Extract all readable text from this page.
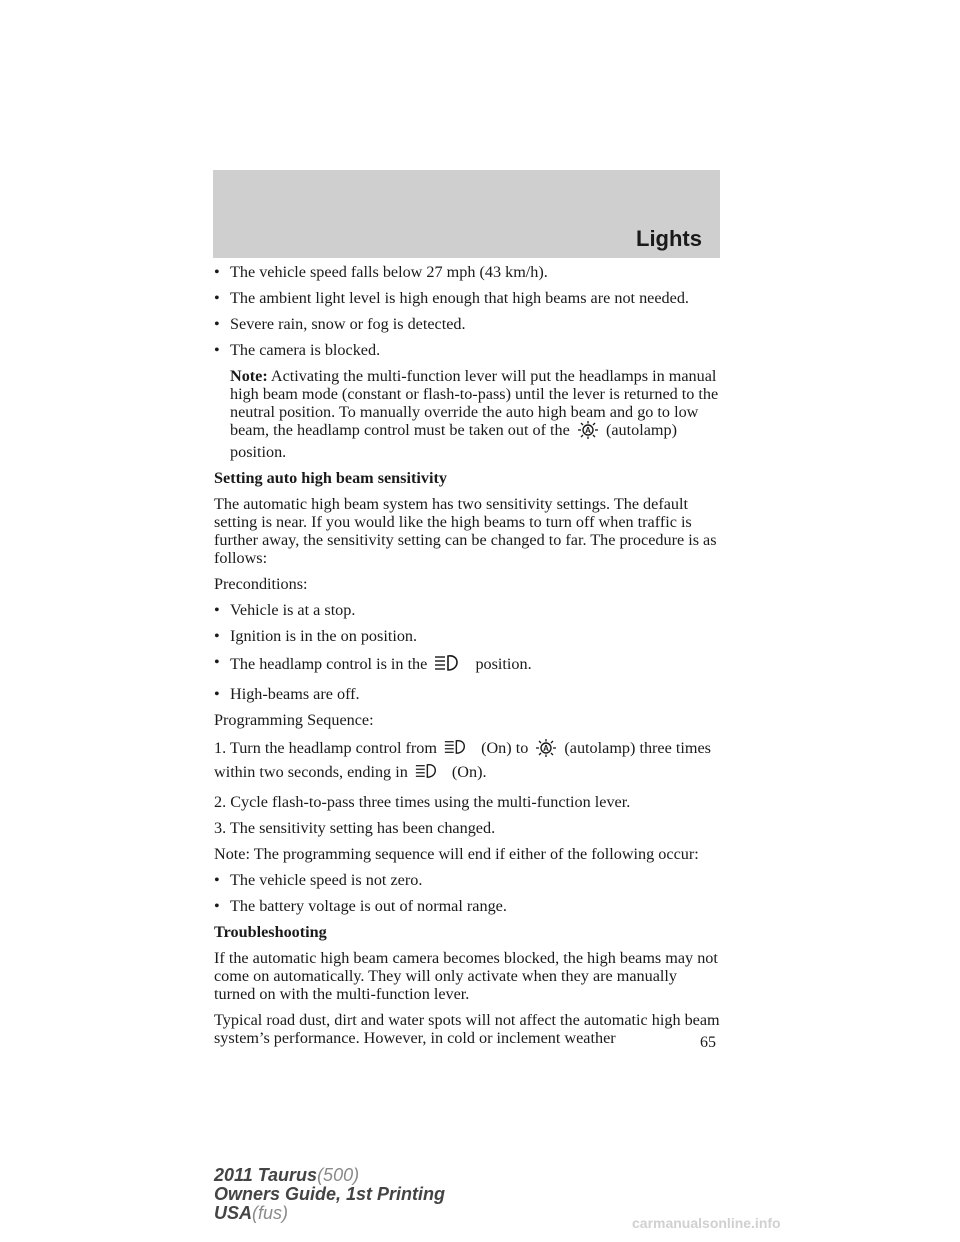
Lights
• The vehicle speed falls below 27 mph (43 km/h).
• The ambient light level is high enough that high beams are not needed.
• Severe rain, snow or fog is detected.
• The camera is blocked.
Note: Activating the multi-function lever will put the headlamps in manual high beam mode (constant or flash-to-pass) until the lever is returned to the neutral position. To manually override the auto high beam and go to low beam, the headlamp control must be taken out of the A (autolamp) position.
Setting auto high beam sensitivity
The automatic high beam system has two sensitivity settings. The default setting is near. If you would like the high beams to turn off when traffic is further away, the sensitivity setting can be changed to far. The procedure is as follows:
Preconditions:
• Vehicle is at a stop.
• Ignition is in the on position.
• The headlamp control is in the	position.
• High-beams are off.
Programming Sequence:
1. Turn the headlamp control from	(On) to A (autolamp) three times within two seconds, ending in	(On).
2. Cycle flash-to-pass three times using the multi-function lever.
3. The sensitivity setting has been changed.
Note: The programming sequence will end if either of the following occur:
• The vehicle speed is not zero.
• The battery voltage is out of normal range.
Troubleshooting
If the automatic high beam camera becomes blocked, the high beams may not come on automatically. They will only activate when they are manually turned on with the multi-function lever.
Typical road dust, dirt and water spots will not affect the automatic high beam system’s performance. However, in cold or inclement weather	65
2011 Taurus(500)
Owners Guide, 1st Printing
USA(fus)	carmanualsonline.info
